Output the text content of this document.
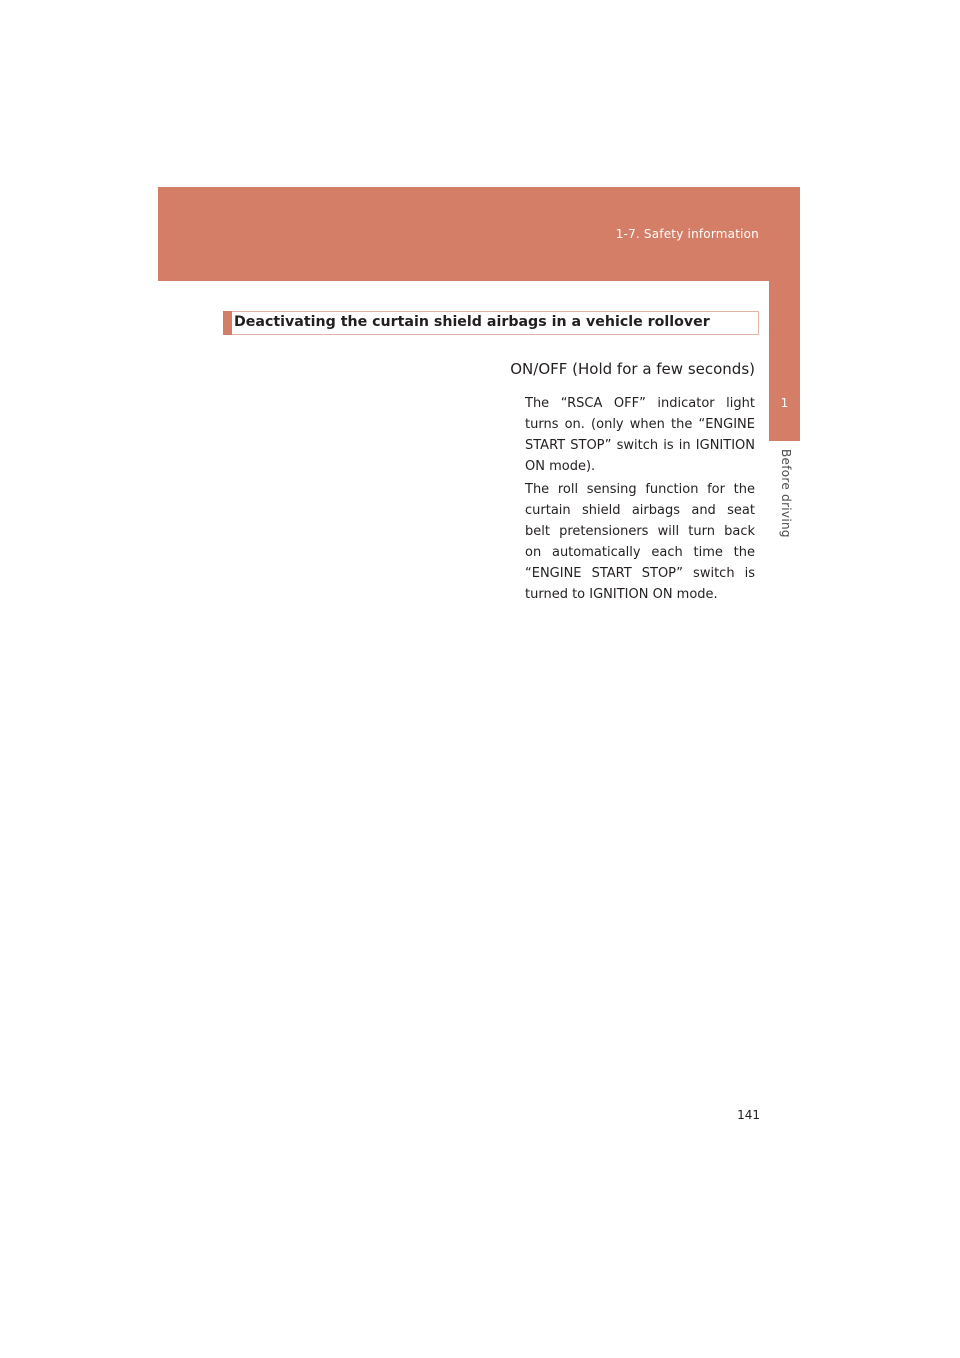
1-7. Safety information
1
Before driving
Deactivating the curtain shield airbags in a vehicle rollover
ON/OFF (Hold for a few seconds)
The “RSCA OFF” indicator light turns on. (only when the “ENGINE START STOP” switch is in IGNITION ON mode).
The roll sensing function for the curtain shield airbags and seat belt pretensioners will turn back on automatically each time the “ENGINE START STOP” switch is turned to IGNITION ON mode.
141
